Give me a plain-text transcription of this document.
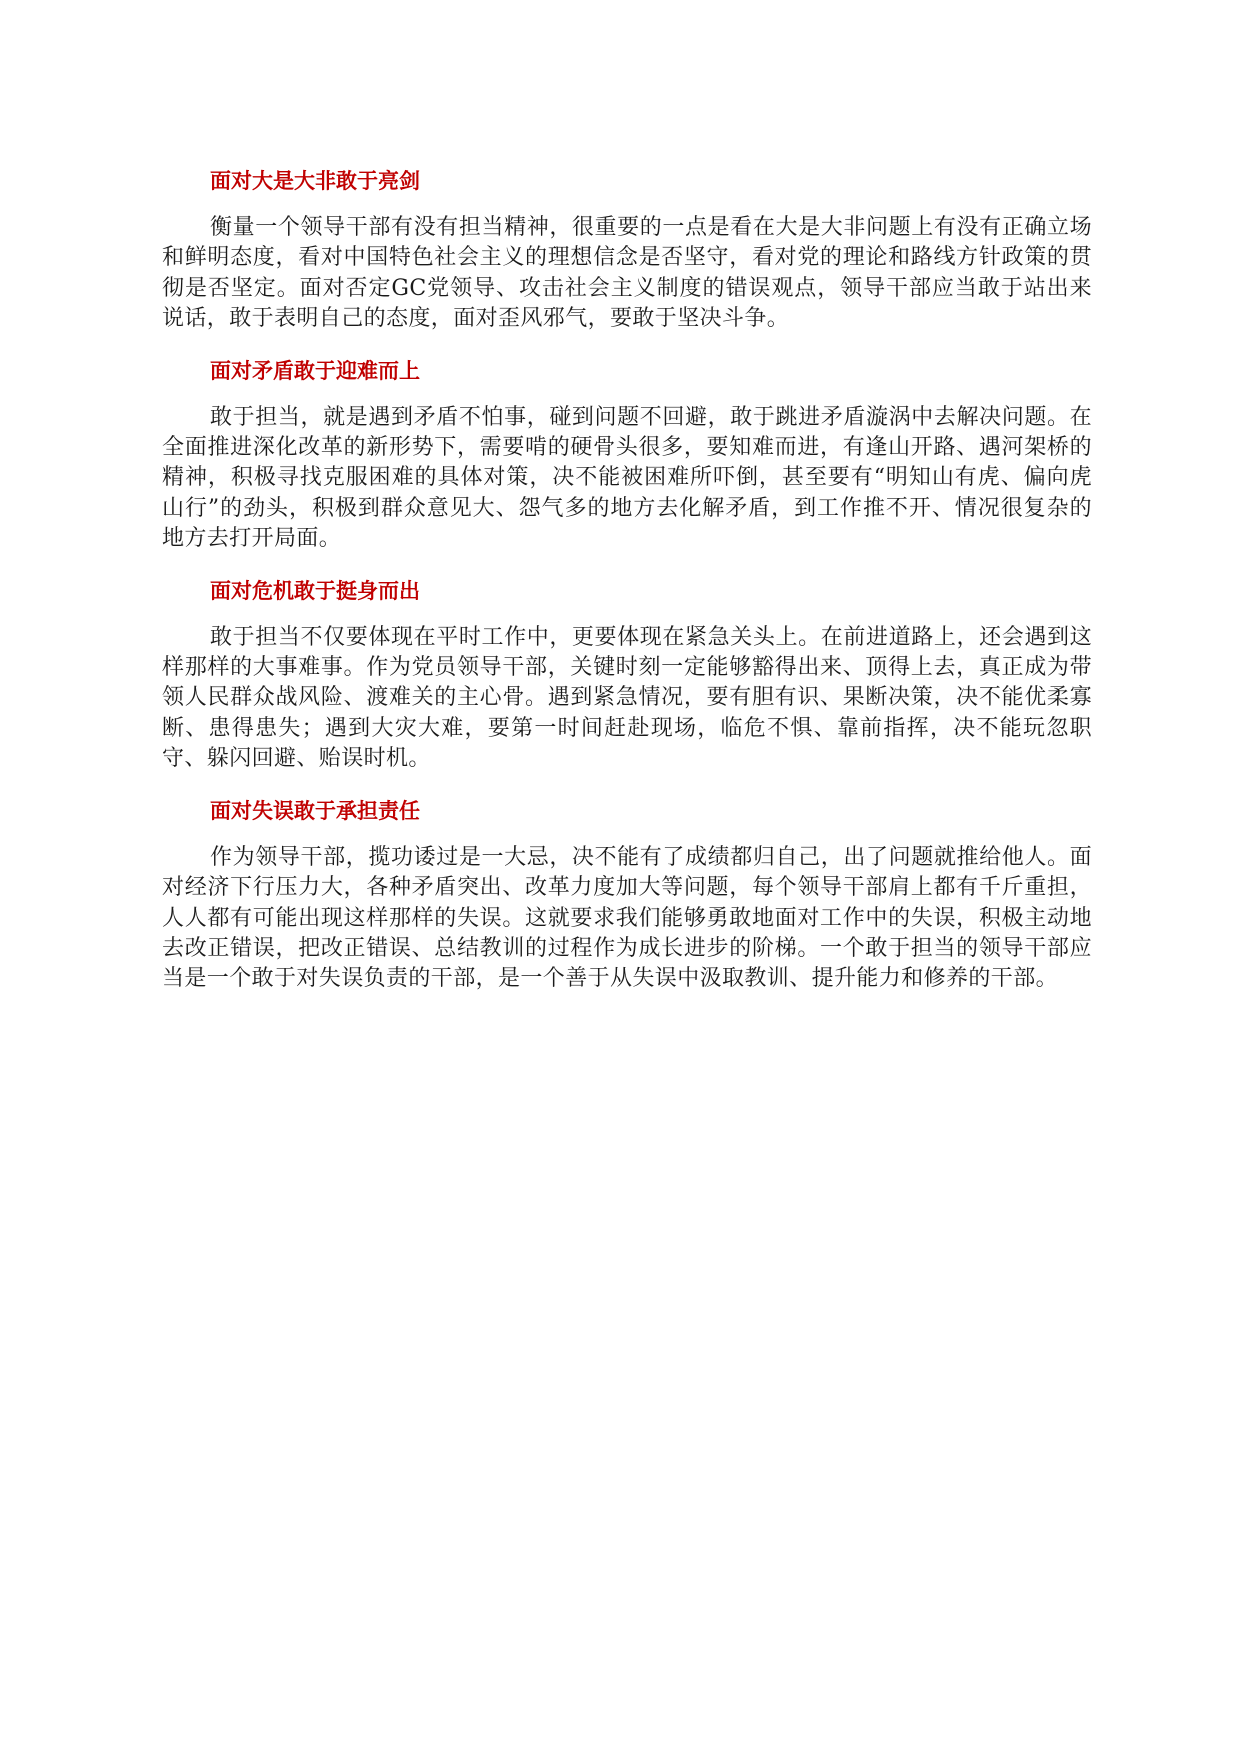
面对大是大非敢于亮剑

衡量一个领导干部有没有担当精神，很重要的一点是看在大是大非问题上有没有正确立场和鲜明态度，看对中国特色社会主义的理想信念是否坚守，看对党的理论和路线方针政策的贯彻是否坚定。面对否定GC党领导、攻击社会主义制度的错误观点，领导干部应当敢于站出来说话，敢于表明自己的态度，面对歪风邪气，要敢于坚决斗争。

面对矛盾敢于迎难而上

敢于担当，就是遇到矛盾不怕事，碰到问题不回避，敢于跳进矛盾漩涡中去解决问题。在全面推进深化改革的新形势下，需要啃的硬骨头很多，要知难而进，有逢山开路、遇河架桥的精神，积极寻找克服困难的具体对策，决不能被困难所吓倒，甚至要有“明知山有虎、偏向虎山行”的劲头，积极到群众意见大、怨气多的地方去化解矛盾，到工作推不开、情况很复杂的地方去打开局面。

面对危机敢于挺身而出

敢于担当不仅要体现在平时工作中，更要体现在紧急关头上。在前进道路上，还会遇到这样那样的大事难事。作为党员领导干部，关键时刻一定能够豁得出来、顶得上去，真正成为带领人民群众战风险、渡难关的主心骨。遇到紧急情况，要有胆有识、果断决策，决不能优柔寡断、患得患失；遇到大灾大难，要第一时间赶赴现场，临危不惧、靠前指挥，决不能玩忽职守、躲闪回避、贻误时机。

面对失误敢于承担责任

作为领导干部，揽功诿过是一大忌，决不能有了成绩都归自己，出了问题就推给他人。面对经济下行压力大，各种矛盾突出、改革力度加大等问题，每个领导干部肩上都有千斤重担，人人都有可能出现这样那样的失误。这就要求我们能够勇敢地面对工作中的失误，积极主动地去改正错误，把改正错误、总结教训的过程作为成长进步的阶梯。一个敢于担当的领导干部应当是一个敢于对失误负责的干部，是一个善于从失误中汲取教训、提升能力和修养的干部。
